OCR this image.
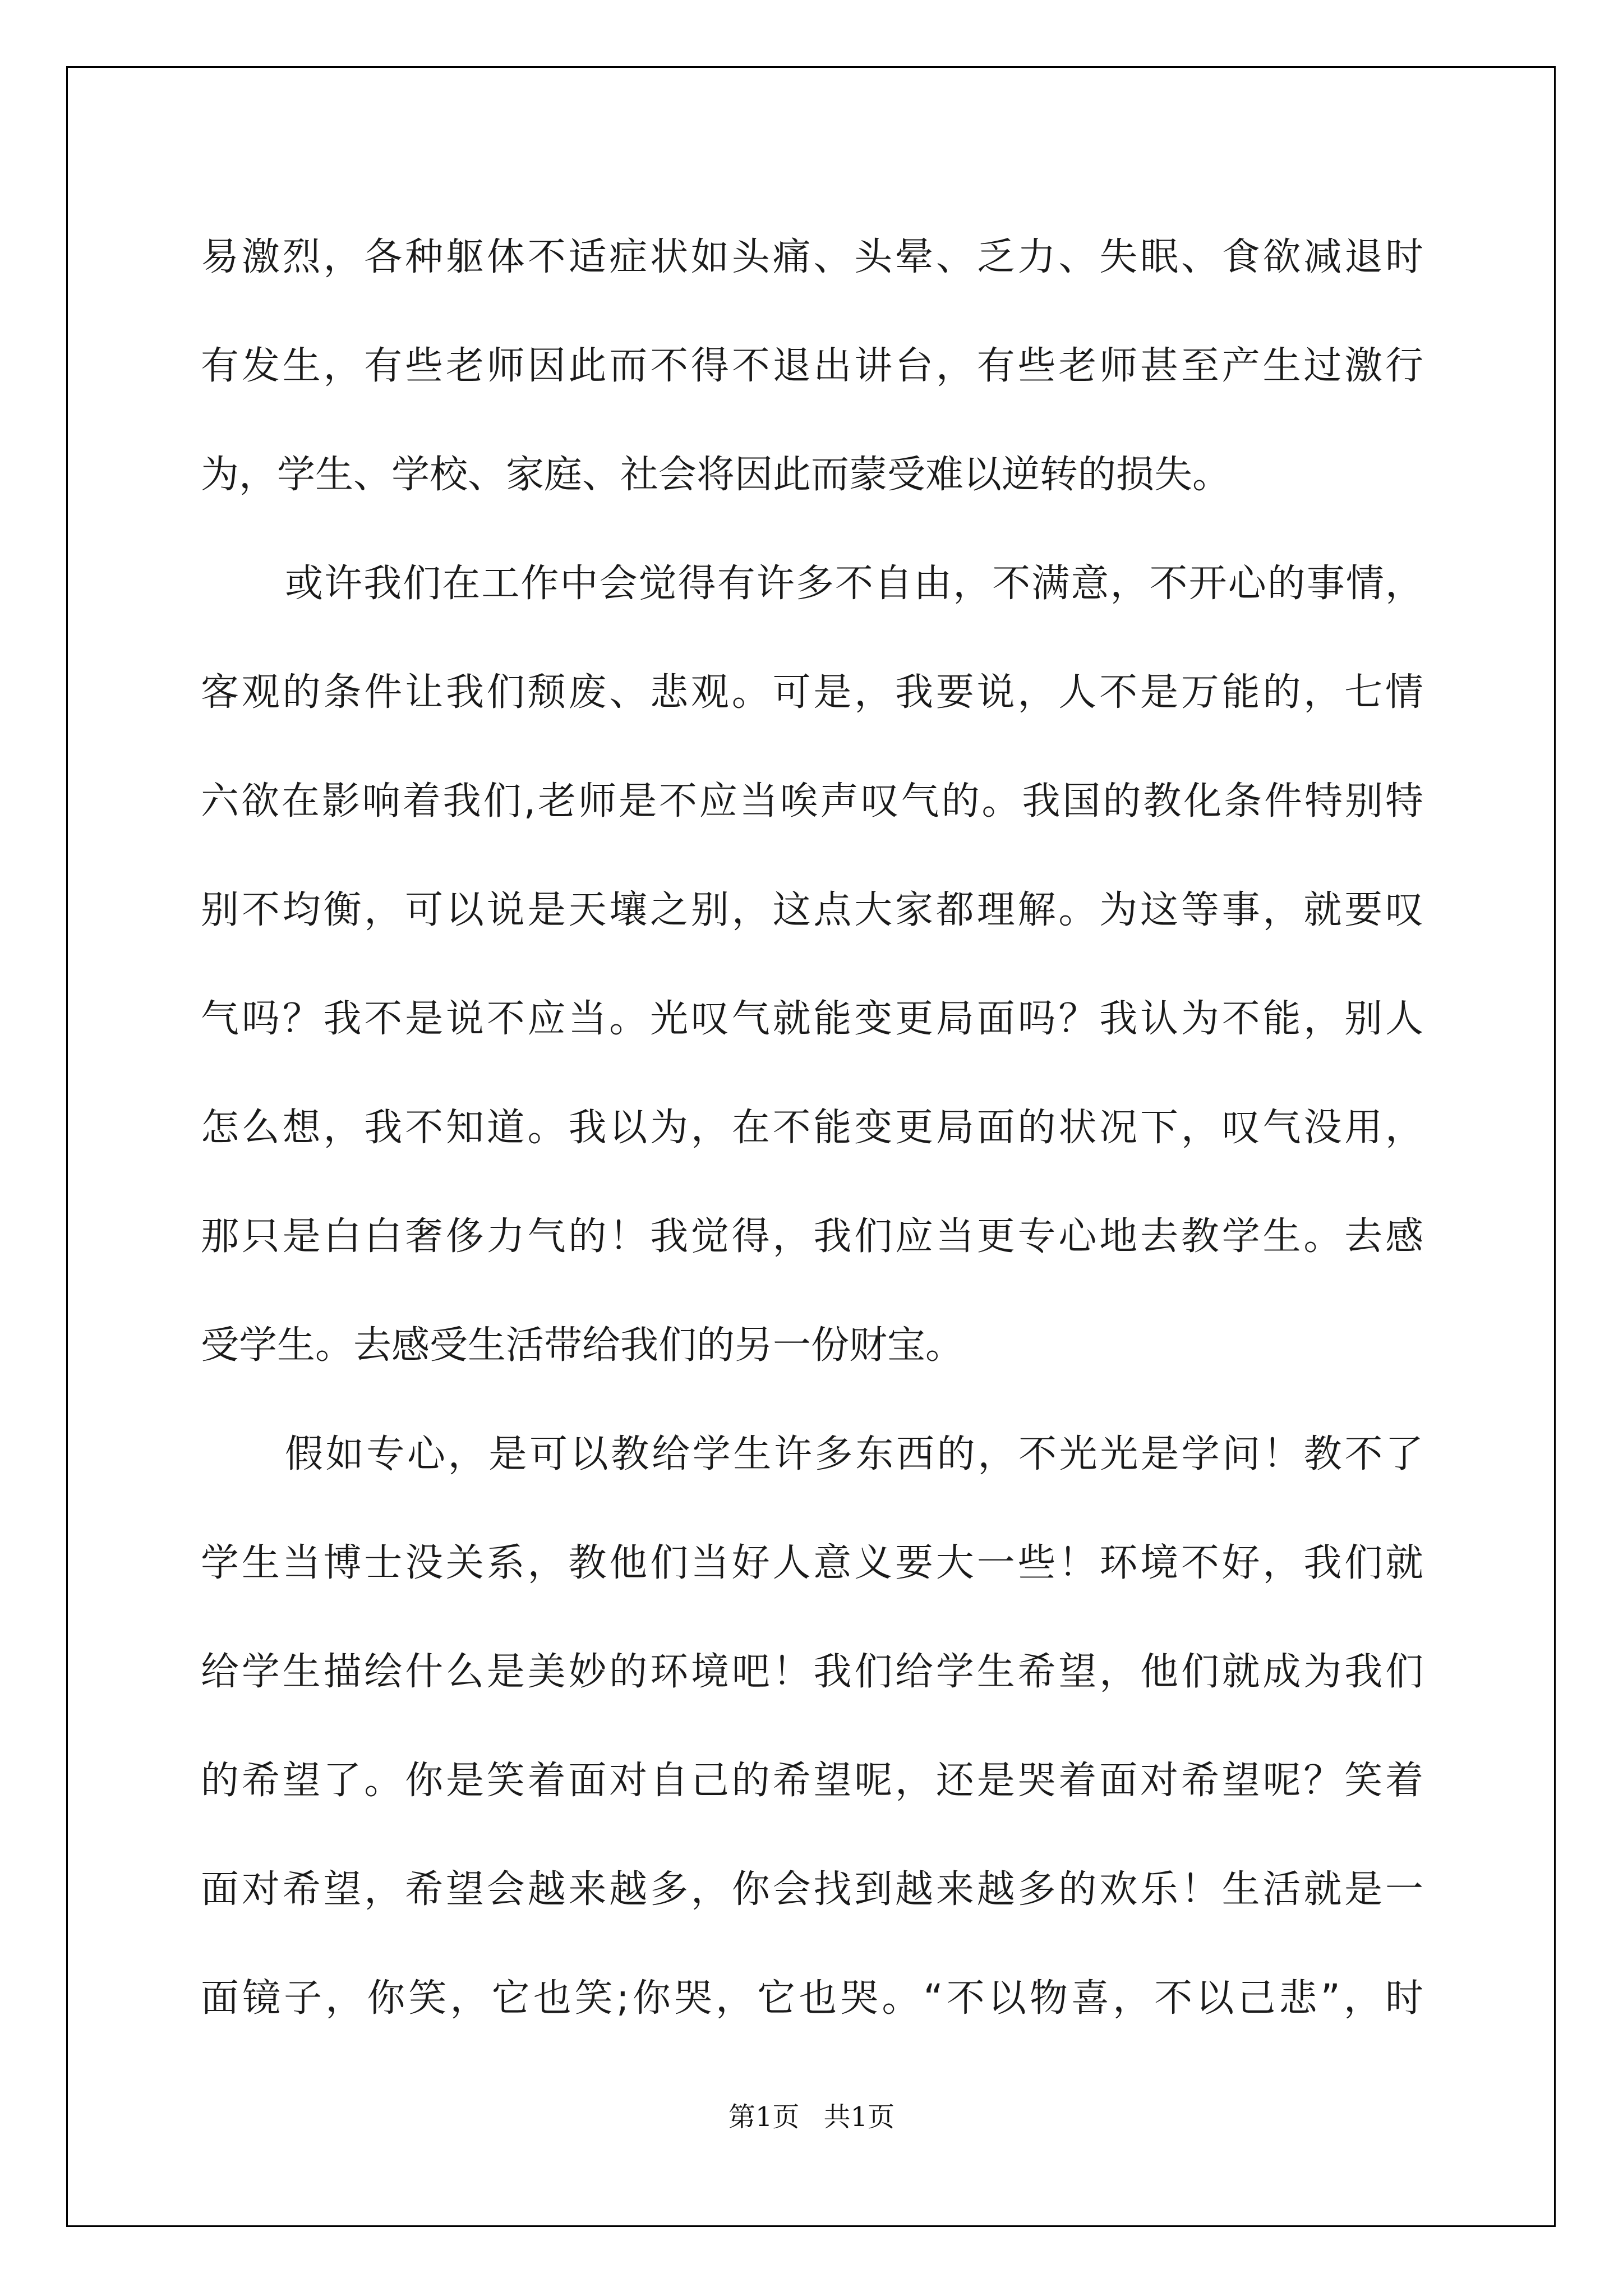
易激烈，各种躯体不适症状如头痛、头晕、乏力、失眠、食欲减退时
有发生，有些老师因此而不得不退出讲台，有些老师甚至产生过激行
为，学生、学校、家庭、社会将因此而蒙受难以逆转的损失。
或许我们在工作中会觉得有许多不自由，不满意，不开心的事情，
客观的条件让我们颓废、悲观。可是，我要说，人不是万能的，七情
六欲在影响着我们,老师是不应当唉声叹气的。我国的教化条件特别特
别不均衡，可以说是天壤之别，这点大家都理解。为这等事，就要叹
气吗？我不是说不应当。光叹气就能变更局面吗？我认为不能，别人
怎么想，我不知道。我以为，在不能变更局面的状况下，叹气没用，
那只是白白奢侈力气的！我觉得，我们应当更专心地去教学生。去感
受学生。去感受生活带给我们的另一份财宝。
假如专心，是可以教给学生许多东西的，不光光是学问！教不了
学生当博士没关系，教他们当好人意义要大一些！环境不好，我们就
给学生描绘什么是美妙的环境吧！我们给学生希望，他们就成为我们
的希望了。你是笑着面对自己的希望呢，还是哭着面对希望呢？笑着
面对希望，希望会越来越多，你会找到越来越多的欢乐！生活就是一
面镜子，你笑，它也笑;你哭，它也哭。“不以物喜，不以己悲”，时
第1页 共1页
